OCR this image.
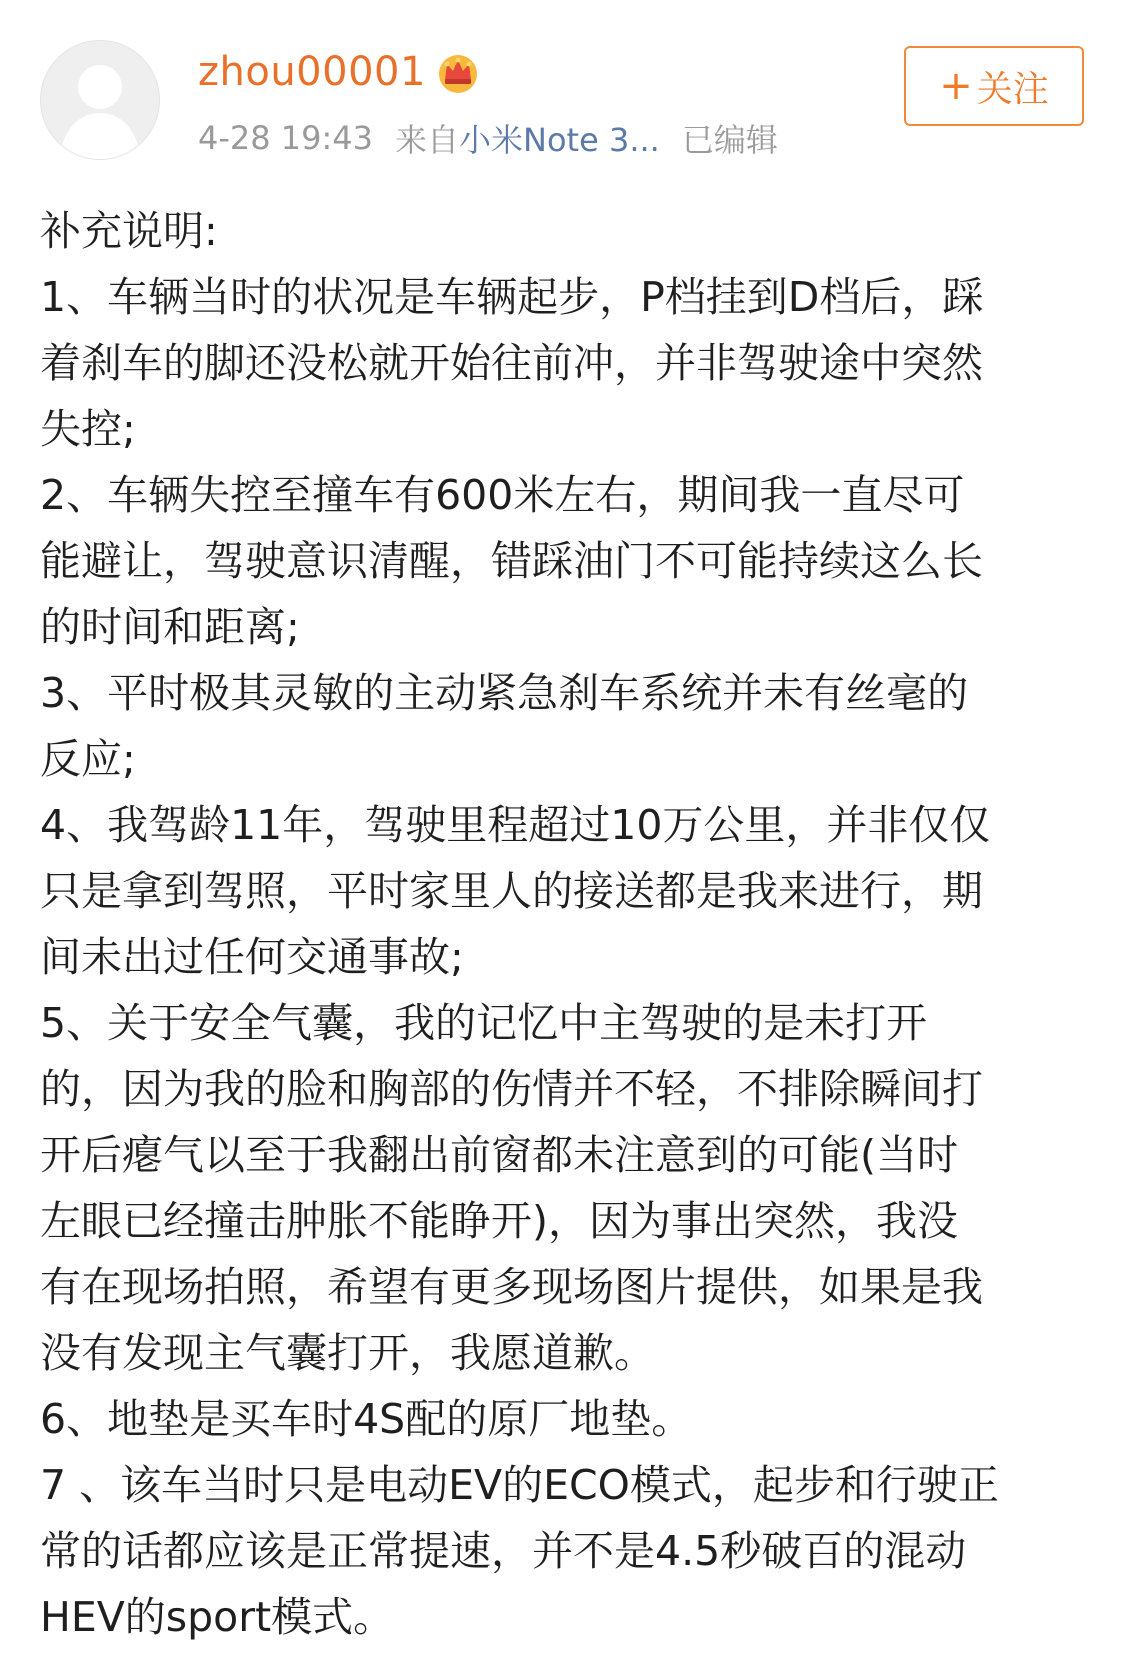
zhou00001
4-28 19:43 来自 小米Note 3... 已编辑
+ 关注
补充说明:
1、车辆当时的状况是车辆起步，P档挂到D档后，踩
着刹车的脚还没松就开始往前冲，并非驾驶途中突然
失控;
2、车辆失控至撞车有600米左右，期间我一直尽可
能避让，驾驶意识清醒，错踩油门不可能持续这么长
的时间和距离;
3、平时极其灵敏的主动紧急刹车系统并未有丝毫的
反应;
4、我驾龄11年，驾驶里程超过10万公里，并非仅仅
只是拿到驾照，平时家里人的接送都是我来进行，期
间未出过任何交通事故;
5、关于安全气囊，我的记忆中主驾驶的是未打开
的，因为我的脸和胸部的伤情并不轻，不排除瞬间打
开后瘪气以至于我翻出前窗都未注意到的可能(当时
左眼已经撞击肿胀不能睁开)，因为事出突然，我没
有在现场拍照，希望有更多现场图片提供，如果是我
没有发现主气囊打开，我愿道歉。
6、地垫是买车时4S配的原厂地垫。
7 、该车当时只是电动EV的ECO模式，起步和行驶正
常的话都应该是正常提速，并不是4.5秒破百的混动
HEV的sport模式。
